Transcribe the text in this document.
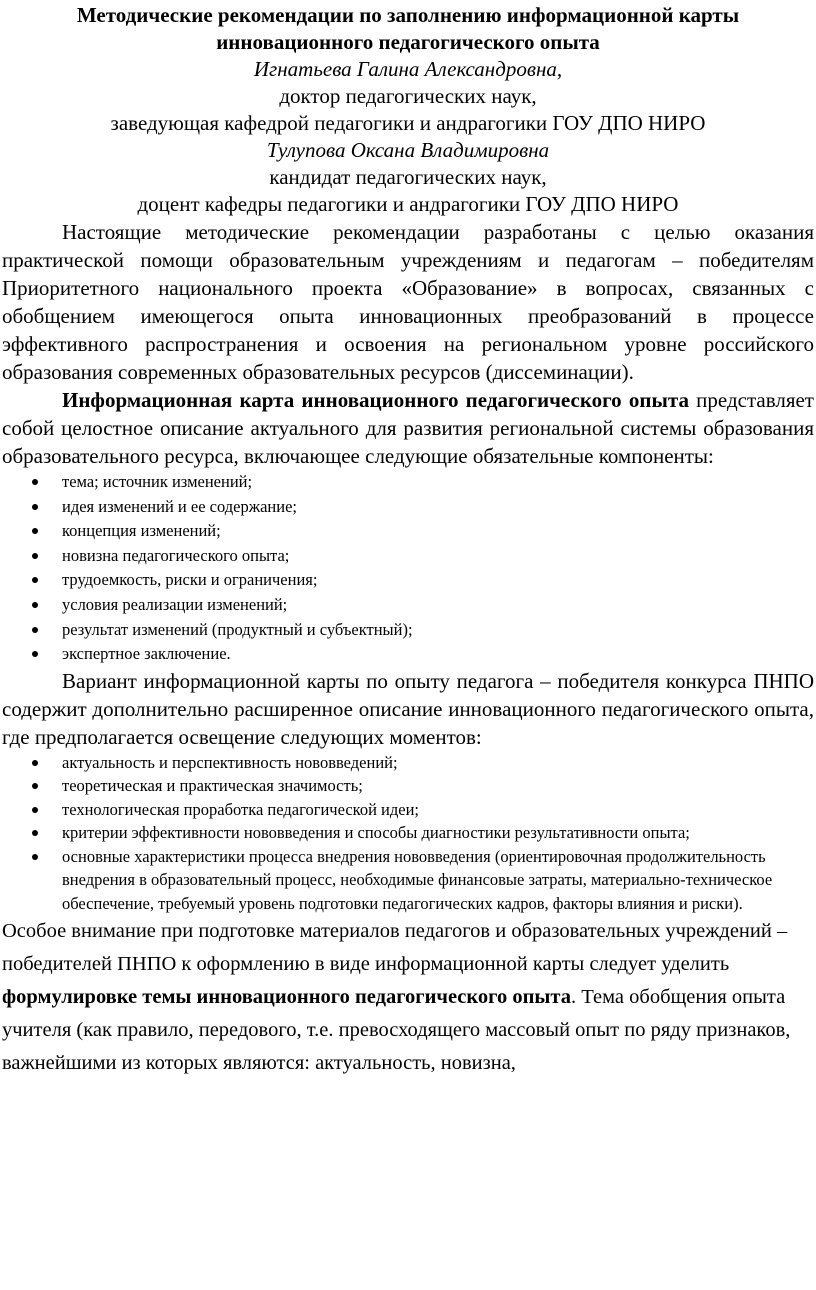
Методические рекомендации по заполнению информационной карты
инновационного педагогического опыта

Игнатьева Галина Александровна,

доктор педагогических наук,

заведующая кафедрой педагогики и андрагогики ГОУ ДПО НИРО

Тулупова Оксана Владимировна

кандидат педагогических наук,

доцент кафедры педагогики и андрагогики ГОУ ДПО НИРО

Настоящие методические рекомендации разработаны с целью оказания практической помощи образовательным учреждениям и педагогам – победителям Приоритетного национального проекта «Образование» в вопросах, связанных с обобщением имеющегося опыта инновационных преобразований в процессе эффективного распространения и освоения на региональном уровне российского образования современных образовательных ресурсов (диссеминации).

Информационная карта инновационного педагогического опыта представляет собой целостное описание актуального для развития региональной системы образования образовательного ресурса, включающее следующие обязательные компоненты:

тема; источник изменений;
идея изменений и ее содержание;
концепция изменений;
новизна педагогического опыта;
трудоемкость, риски и ограничения;
условия реализации изменений;
результат изменений (продуктный и субъектный);
экспертное заключение.

Вариант информационной карты по опыту педагога – победителя конкурса ПНПО содержит дополнительно расширенное описание инновационного педагогического опыта, где предполагается освещение следующих моментов:

актуальность и перспективность нововведений;
теоретическая и практическая значимость;
технологическая проработка педагогической идеи;
критерии эффективности нововведения и способы диагностики результативности опыта;
основные характеристики процесса внедрения нововведения (ориентировочная продолжительность внедрения в образовательный процесс, необходимые финансовые затраты, материально-техническое обеспечение, требуемый уровень подготовки педагогических кадров, факторы влияния и риски).

Особое внимание при подготовке материалов педагогов и образовательных учреждений – победителей ПНПО к оформлению в виде информационной карты следует уделить формулировке темы инновационного педагогического опыта. Тема обобщения опыта учителя (как правило, передового, т.е. превосходящего массовый опыт по ряду признаков, важнейшими из которых являются: актуальность, новизна,
